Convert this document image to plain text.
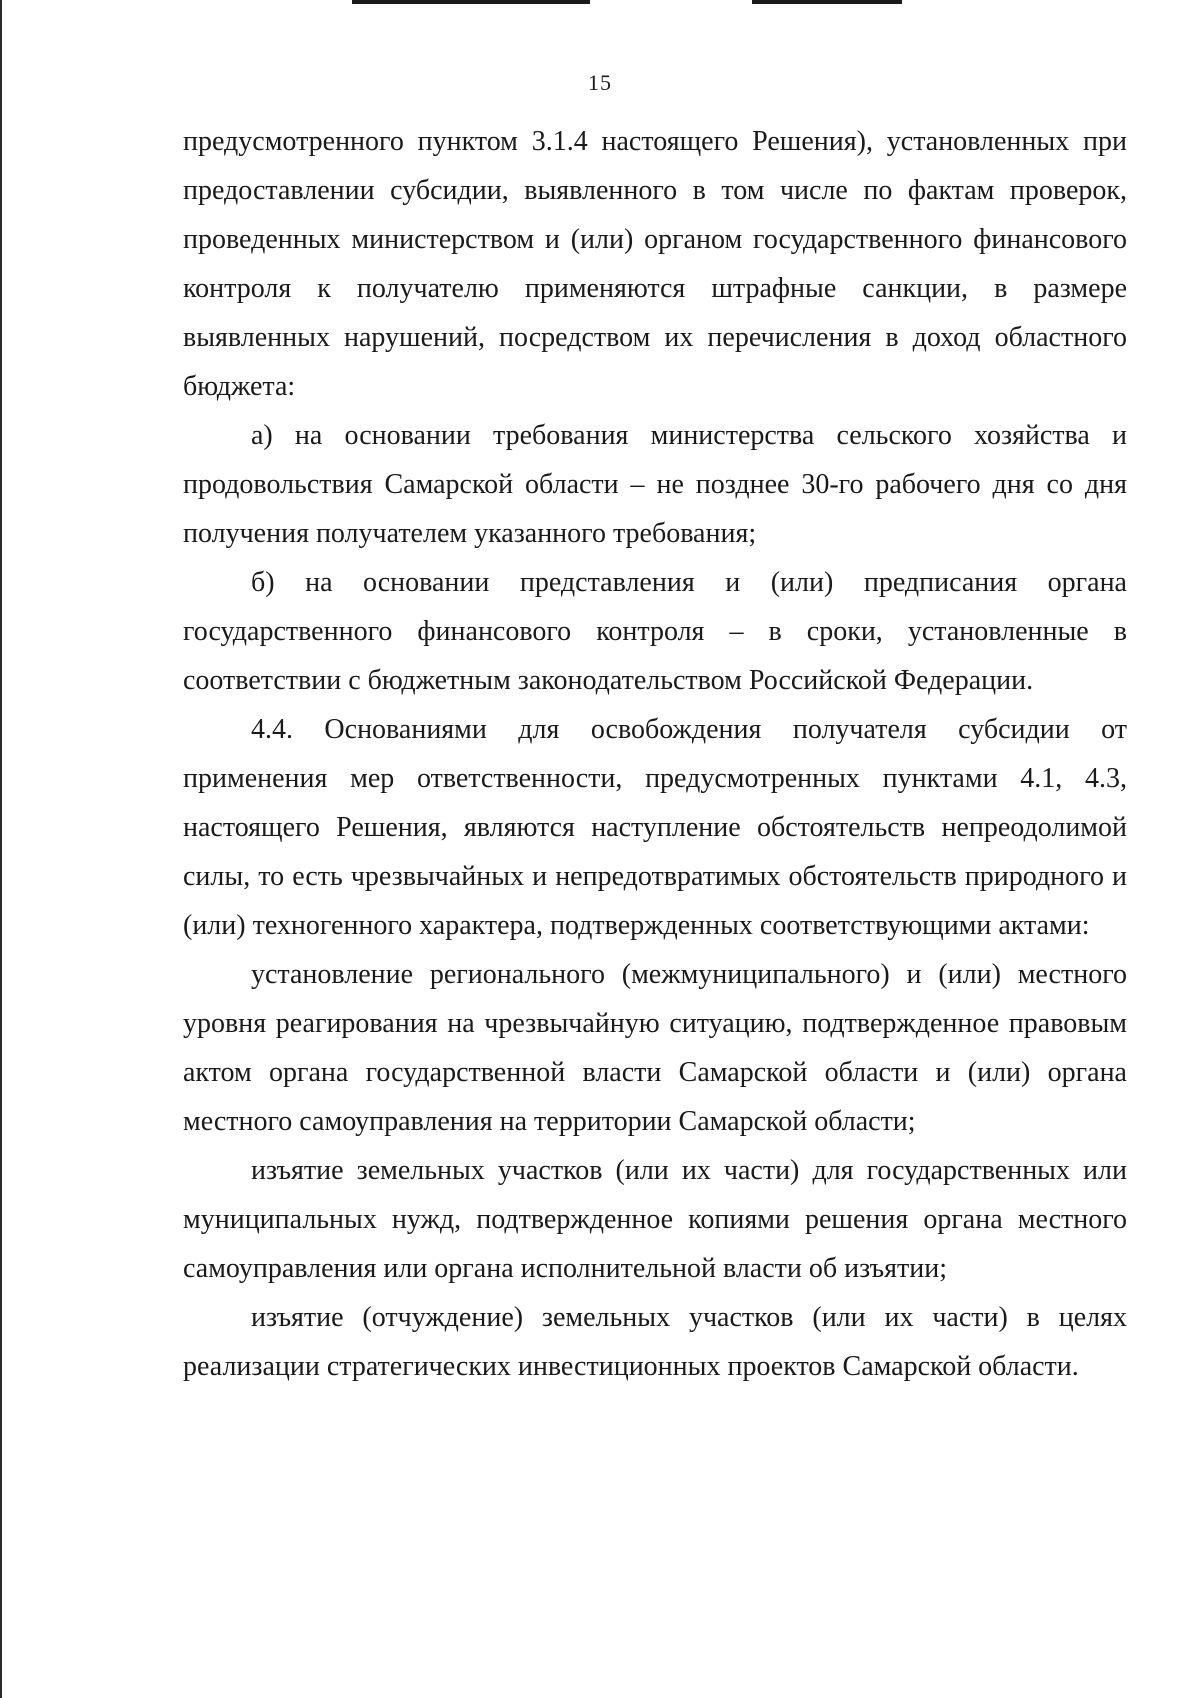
15

предусмотренного пунктом 3.1.4 настоящего Решения), установленных при предоставлении субсидии, выявленного в том числе по фактам проверок, проведенных министерством и (или) органом государственного финансового контроля к получателю применяются штрафные санкции, в размере выявленных нарушений, посредством их перечисления в доход областного бюджета:

а) на основании требования министерства сельского хозяйства и продовольствия Самарской области – не позднее 30-го рабочего дня со дня получения получателем указанного требования;

б) на основании представления и (или) предписания органа государственного финансового контроля – в сроки, установленные в соответствии с бюджетным законодательством Российской Федерации.

4.4. Основаниями для освобождения получателя субсидии от применения мер ответственности, предусмотренных пунктами 4.1, 4.3, настоящего Решения, являются наступление обстоятельств непреодолимой силы, то есть чрезвычайных и непредотвратимых обстоятельств природного и (или) техногенного характера, подтвержденных соответствующими актами:

установление регионального (межмуниципального) и (или) местного уровня реагирования на чрезвычайную ситуацию, подтвержденное правовым актом органа государственной власти Самарской области и (или) органа местного самоуправления на территории Самарской области;

изъятие земельных участков (или их части) для государственных или муниципальных нужд, подтвержденное копиями решения органа местного самоуправления или органа исполнительной власти об изъятии;

изъятие (отчуждение) земельных участков (или их части) в целях реализации стратегических инвестиционных проектов Самарской области.
